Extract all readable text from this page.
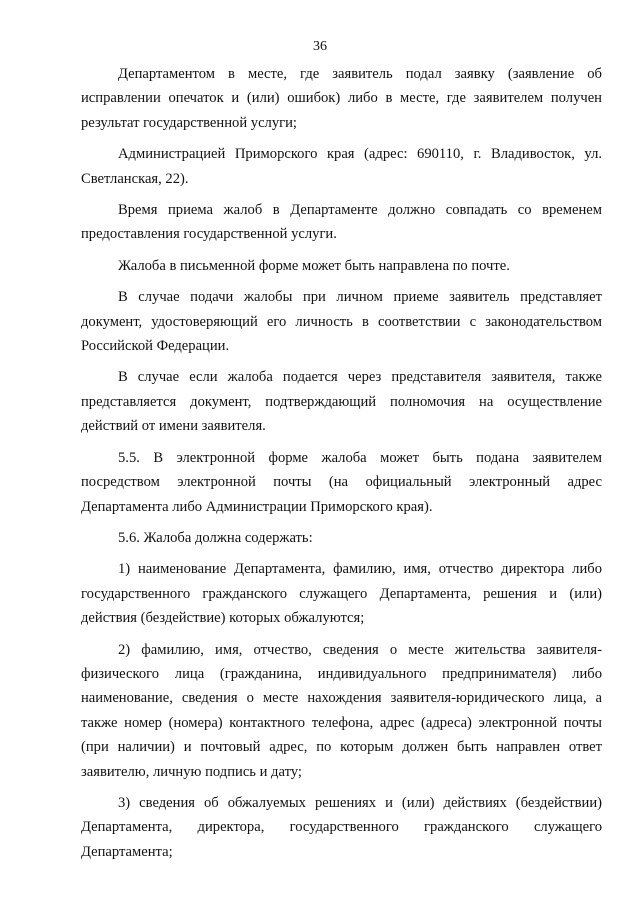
36

Департаментом в месте, где заявитель подал заявку (заявление об исправлении опечаток и (или) ошибок) либо в месте, где заявителем получен результат государственной услуги;

Администрацией Приморского края (адрес: 690110, г. Владивосток, ул. Светланская, 22).

Время приема жалоб в Департаменте должно совпадать со временем предоставления государственной услуги.

Жалоба в письменной форме может быть направлена по почте.

В случае подачи жалобы при личном приеме заявитель представляет документ, удостоверяющий его личность в соответствии с законодательством Российской Федерации.

В случае если жалоба подается через представителя заявителя, также представляется документ, подтверждающий полномочия на осуществление действий от имени заявителя.

5.5. В электронной форме жалоба может быть подана заявителем посредством электронной почты (на официальный электронный адрес Департамента либо Администрации Приморского края).

5.6. Жалоба должна содержать:

1) наименование Департамента, фамилию, имя, отчество директора либо государственного гражданского служащего Департамента, решения и (или) действия (бездействие) которых обжалуются;

2) фамилию, имя, отчество, сведения о месте жительства заявителя-физического лица (гражданина, индивидуального предпринимателя) либо наименование, сведения о месте нахождения заявителя-юридического лица, а также номер (номера) контактного телефона, адрес (адреса) электронной почты (при наличии) и почтовый адрес, по которым должен быть направлен ответ заявителю, личную подпись и дату;

3) сведения об обжалуемых решениях и (или) действиях (бездействии) Департамента, директора, государственного гражданского служащего Департамента;
